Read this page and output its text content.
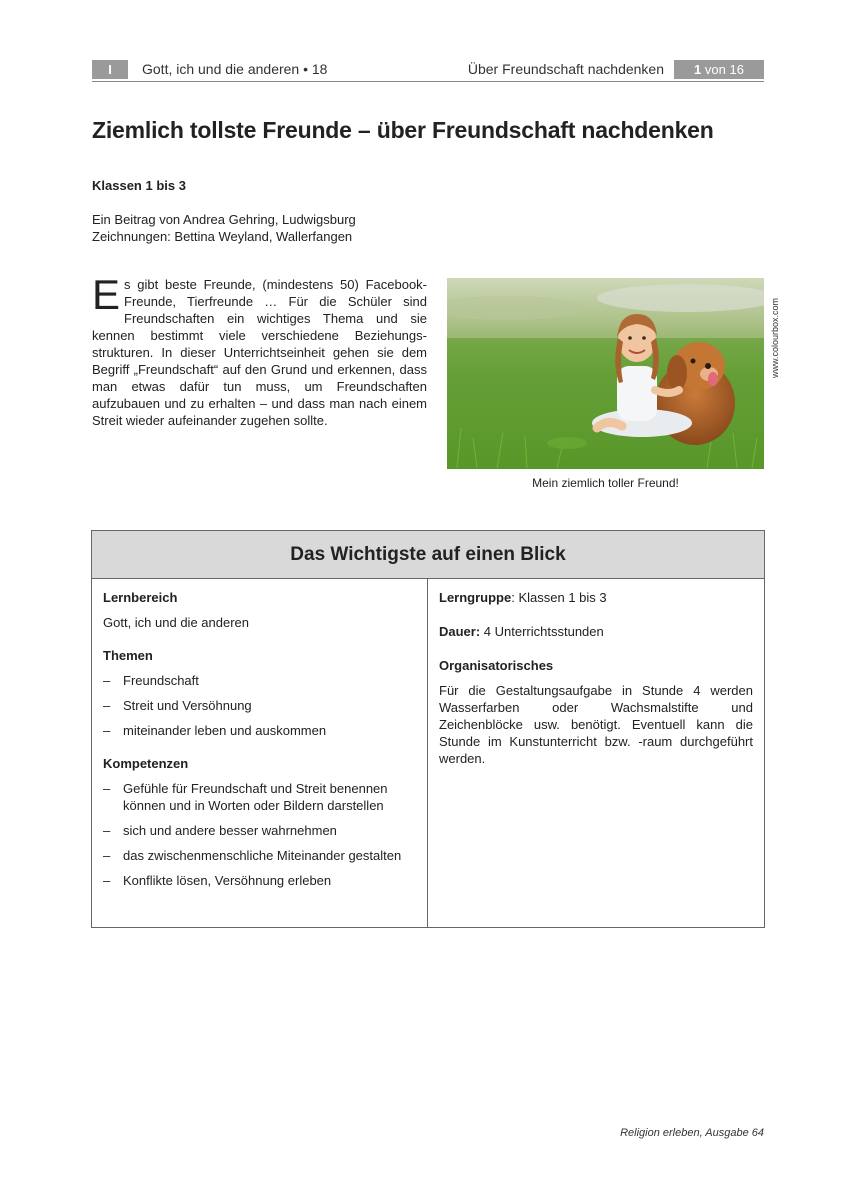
I	Gott, ich und die anderen • 18	Über Freundschaft nachdenken	1 von 16
Ziemlich tollste Freunde – über Freundschaft nachdenken
Klassen 1 bis 3
Ein Beitrag von Andrea Gehring, Ludwigsburg
Zeichnungen: Bettina Weyland, Wallerfangen
Es gibt beste Freunde, (mindestens 50) Facebook-Freunde, Tierfreunde … Für die Schüler sind Freundschaften ein wichtiges Thema und sie kennen bestimmt viele verschiedene Beziehungsstrukturen. In dieser Unterrichtseinheit gehen sie dem Begriff „Freundschaft“ auf den Grund und erkennen, dass man etwas dafür tun muss, um Freundschaften aufzubauen und zu erhalten – und dass man nach einem Streit wieder aufeinander zugehen sollte.
www.colourbox.com
Mein ziemlich toller Freund!
Das Wichtigste auf einen Blick
Lernbereich
Gott, ich und die anderen
Themen
– Freundschaft
– Streit und Versöhnung
– miteinander leben und auskommen
Kompetenzen
– Gefühle für Freundschaft und Streit benennen können und in Worten oder Bildern darstellen
– sich und andere besser wahrnehmen
– das zwischenmenschliche Miteinander gestalten
– Konflikte lösen, Versöhnung erleben
Lerngruppe: Klassen 1 bis 3
Dauer: 4 Unterrichtsstunden
Organisatorisches
Für die Gestaltungsaufgabe in Stunde 4 werden Wasserfarben oder Wachsmalstifte und Zeichenblöcke usw. benötigt. Eventuell kann die Stunde im Kunstunterricht bzw. -raum durchgeführt werden.
Religion erleben, Ausgabe 64
